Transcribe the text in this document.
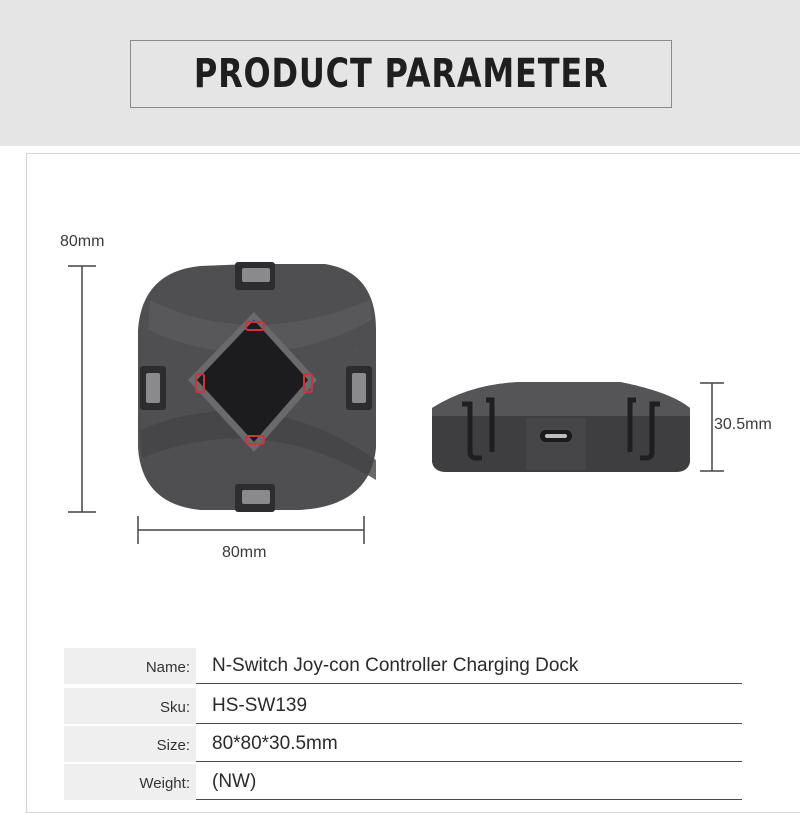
PRODUCT PARAMETER
R
L
80mm
80mm
30.5mm
Name:	N-Switch Joy-con Controller Charging Dock
Sku:	HS-SW139
Size:	80*80*30.5mm
Weight:	(NW)
